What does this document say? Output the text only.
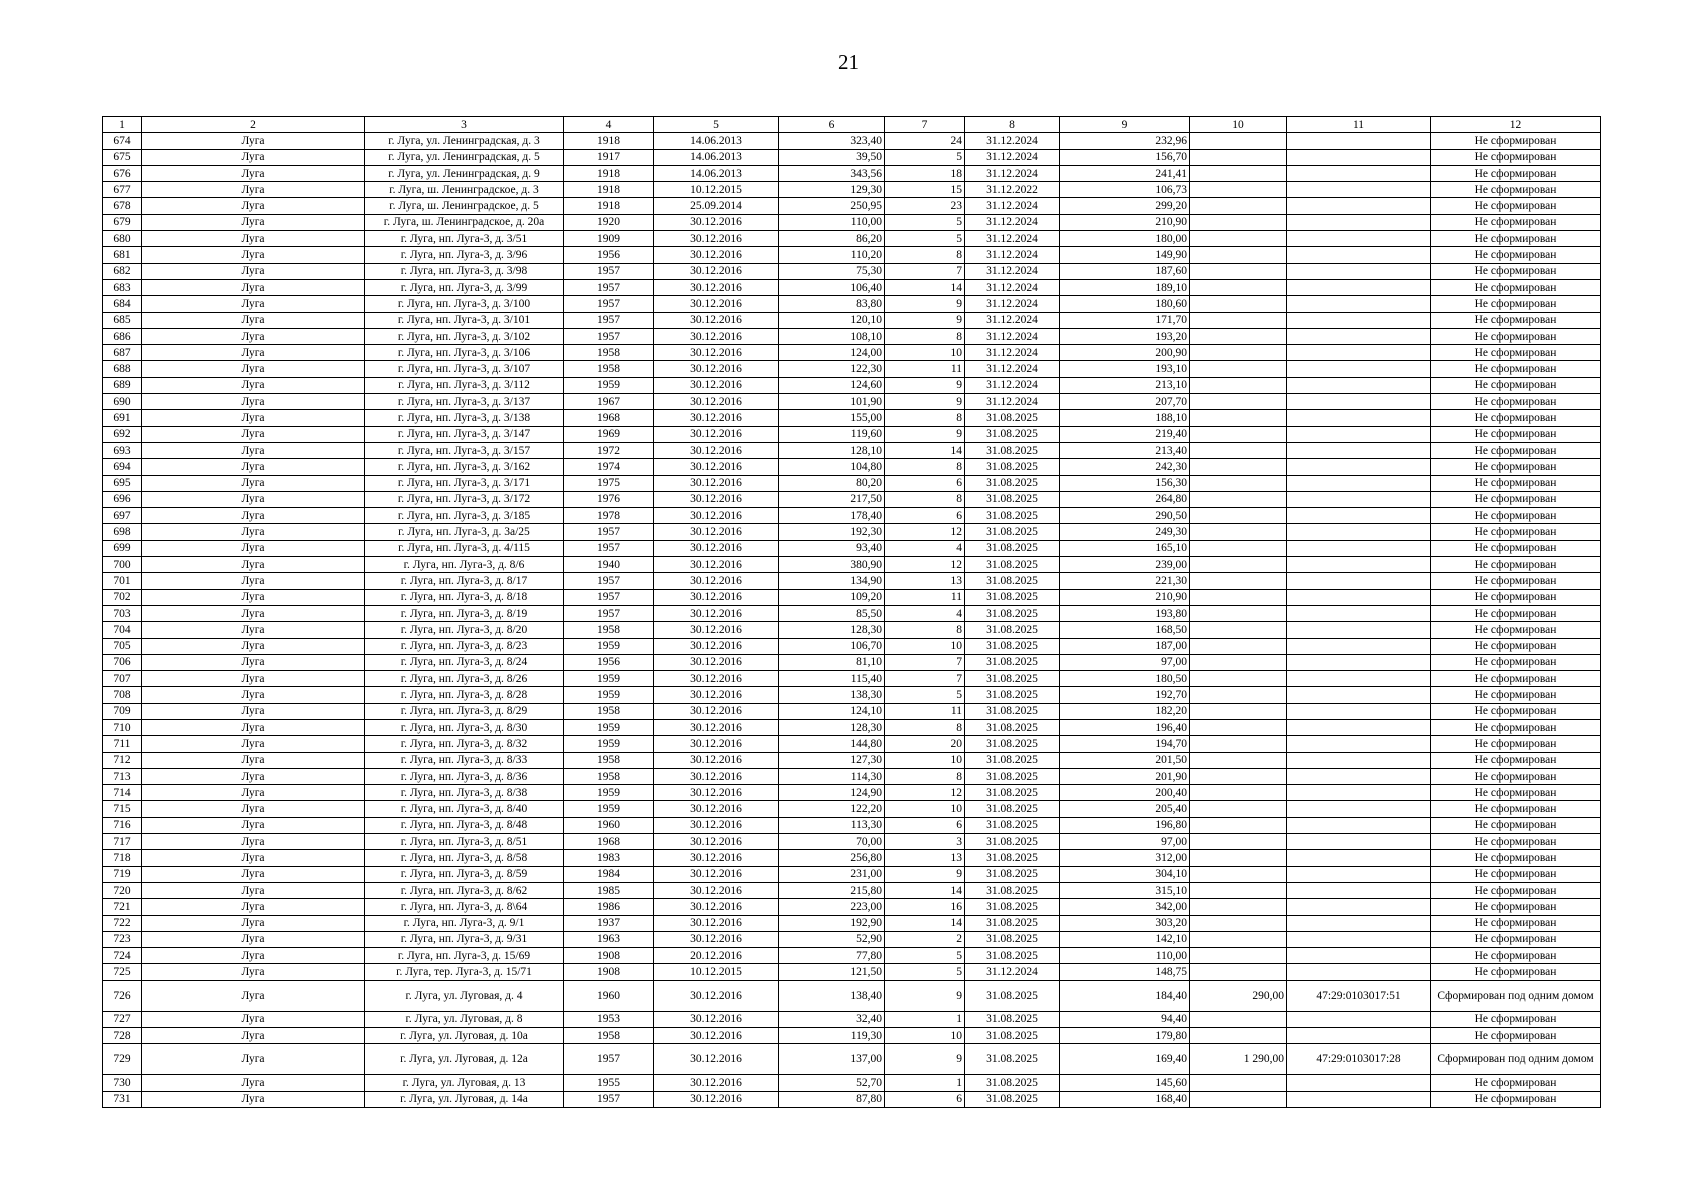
21
1	2	3	4	5	6	7	8	9	10	11	12
674	Луга	г. Луга, ул. Ленинградская, д. 3	1918	14.06.2013	323,40	24	31.12.2024	232,96			Не сформирован
675	Луга	г. Луга, ул. Ленинградская, д. 5	1917	14.06.2013	39,50	5	31.12.2024	156,70			Не сформирован
676	Луга	г. Луга, ул. Ленинградская, д. 9	1918	14.06.2013	343,56	18	31.12.2024	241,41			Не сформирован
677	Луга	г. Луга, ш. Ленинградское, д. 3	1918	10.12.2015	129,30	15	31.12.2022	106,73			Не сформирован
678	Луга	г. Луга, ш. Ленинградское, д. 5	1918	25.09.2014	250,95	23	31.12.2024	299,20			Не сформирован
679	Луга	г. Луга, ш. Ленинградское, д. 20а	1920	30.12.2016	110,00	5	31.12.2024	210,90			Не сформирован
680	Луга	г. Луга, нп. Луга-3, д. 3/51	1909	30.12.2016	86,20	5	31.12.2024	180,00			Не сформирован
681	Луга	г. Луга, нп. Луга-3, д. 3/96	1956	30.12.2016	110,20	8	31.12.2024	149,90			Не сформирован
682	Луга	г. Луга, нп. Луга-3, д. 3/98	1957	30.12.2016	75,30	7	31.12.2024	187,60			Не сформирован
683	Луга	г. Луга, нп. Луга-3, д. 3/99	1957	30.12.2016	106,40	14	31.12.2024	189,10			Не сформирован
684	Луга	г. Луга, нп. Луга-3, д. 3/100	1957	30.12.2016	83,80	9	31.12.2024	180,60			Не сформирован
685	Луга	г. Луга, нп. Луга-3, д. 3/101	1957	30.12.2016	120,10	9	31.12.2024	171,70			Не сформирован
686	Луга	г. Луга, нп. Луга-3, д. 3/102	1957	30.12.2016	108,10	8	31.12.2024	193,20			Не сформирован
687	Луга	г. Луга, нп. Луга-3, д. 3/106	1958	30.12.2016	124,00	10	31.12.2024	200,90			Не сформирован
688	Луга	г. Луга, нп. Луга-3, д. 3/107	1958	30.12.2016	122,30	11	31.12.2024	193,10			Не сформирован
689	Луга	г. Луга, нп. Луга-3, д. 3/112	1959	30.12.2016	124,60	9	31.12.2024	213,10			Не сформирован
690	Луга	г. Луга, нп. Луга-3, д. 3/137	1967	30.12.2016	101,90	9	31.12.2024	207,70			Не сформирован
691	Луга	г. Луга, нп. Луга-3, д. 3/138	1968	30.12.2016	155,00	8	31.08.2025	188,10			Не сформирован
692	Луга	г. Луга, нп. Луга-3, д. 3/147	1969	30.12.2016	119,60	9	31.08.2025	219,40			Не сформирован
693	Луга	г. Луга, нп. Луга-3, д. 3/157	1972	30.12.2016	128,10	14	31.08.2025	213,40			Не сформирован
694	Луга	г. Луга, нп. Луга-3, д. 3/162	1974	30.12.2016	104,80	8	31.08.2025	242,30			Не сформирован
695	Луга	г. Луга, нп. Луга-3, д. 3/171	1975	30.12.2016	80,20	6	31.08.2025	156,30			Не сформирован
696	Луга	г. Луга, нп. Луга-3, д. 3/172	1976	30.12.2016	217,50	8	31.08.2025	264,80			Не сформирован
697	Луга	г. Луга, нп. Луга-3, д. 3/185	1978	30.12.2016	178,40	6	31.08.2025	290,50			Не сформирован
698	Луга	г. Луга, нп. Луга-3, д. 3а/25	1957	30.12.2016	192,30	12	31.08.2025	249,30			Не сформирован
699	Луга	г. Луга, нп. Луга-3, д. 4/115	1957	30.12.2016	93,40	4	31.08.2025	165,10			Не сформирован
700	Луга	г. Луга, нп. Луга-3, д. 8/6	1940	30.12.2016	380,90	12	31.08.2025	239,00			Не сформирован
701	Луга	г. Луга, нп. Луга-3, д. 8/17	1957	30.12.2016	134,90	13	31.08.2025	221,30			Не сформирован
702	Луга	г. Луга, нп. Луга-3, д. 8/18	1957	30.12.2016	109,20	11	31.08.2025	210,90			Не сформирован
703	Луга	г. Луга, нп. Луга-3, д. 8/19	1957	30.12.2016	85,50	4	31.08.2025	193,80			Не сформирован
704	Луга	г. Луга, нп. Луга-3, д. 8/20	1958	30.12.2016	128,30	8	31.08.2025	168,50			Не сформирован
705	Луга	г. Луга, нп. Луга-3, д. 8/23	1959	30.12.2016	106,70	10	31.08.2025	187,00			Не сформирован
706	Луга	г. Луга, нп. Луга-3, д. 8/24	1956	30.12.2016	81,10	7	31.08.2025	97,00			Не сформирован
707	Луга	г. Луга, нп. Луга-3, д. 8/26	1959	30.12.2016	115,40	7	31.08.2025	180,50			Не сформирован
708	Луга	г. Луга, нп. Луга-3, д. 8/28	1959	30.12.2016	138,30	5	31.08.2025	192,70			Не сформирован
709	Луга	г. Луга, нп. Луга-3, д. 8/29	1958	30.12.2016	124,10	11	31.08.2025	182,20			Не сформирован
710	Луга	г. Луга, нп. Луга-3, д. 8/30	1959	30.12.2016	128,30	8	31.08.2025	196,40			Не сформирован
711	Луга	г. Луга, нп. Луга-3, д. 8/32	1959	30.12.2016	144,80	20	31.08.2025	194,70			Не сформирован
712	Луга	г. Луга, нп. Луга-3, д. 8/33	1958	30.12.2016	127,30	10	31.08.2025	201,50			Не сформирован
713	Луга	г. Луга, нп. Луга-3, д. 8/36	1958	30.12.2016	114,30	8	31.08.2025	201,90			Не сформирован
714	Луга	г. Луга, нп. Луга-3, д. 8/38	1959	30.12.2016	124,90	12	31.08.2025	200,40			Не сформирован
715	Луга	г. Луга, нп. Луга-3, д. 8/40	1959	30.12.2016	122,20	10	31.08.2025	205,40			Не сформирован
716	Луга	г. Луга, нп. Луга-3, д. 8/48	1960	30.12.2016	113,30	6	31.08.2025	196,80			Не сформирован
717	Луга	г. Луга, нп. Луга-3, д. 8/51	1968	30.12.2016	70,00	3	31.08.2025	97,00			Не сформирован
718	Луга	г. Луга, нп. Луга-3, д. 8/58	1983	30.12.2016	256,80	13	31.08.2025	312,00			Не сформирован
719	Луга	г. Луга, нп. Луга-3, д. 8/59	1984	30.12.2016	231,00	9	31.08.2025	304,10			Не сформирован
720	Луга	г. Луга, нп. Луга-3, д. 8/62	1985	30.12.2016	215,80	14	31.08.2025	315,10			Не сформирован
721	Луга	г. Луга, нп. Луга-3, д. 8\64	1986	30.12.2016	223,00	16	31.08.2025	342,00			Не сформирован
722	Луга	г. Луга, нп. Луга-3, д. 9/1	1937	30.12.2016	192,90	14	31.08.2025	303,20			Не сформирован
723	Луга	г. Луга, нп. Луга-3, д. 9/31	1963	30.12.2016	52,90	2	31.08.2025	142,10			Не сформирован
724	Луга	г. Луга, нп. Луга-3, д. 15/69	1908	20.12.2016	77,80	5	31.08.2025	110,00			Не сформирован
725	Луга	г. Луга, тер. Луга-3, д. 15/71	1908	10.12.2015	121,50	5	31.12.2024	148,75			Не сформирован
726	Луга	г. Луга, ул. Луговая, д. 4	1960	30.12.2016	138,40	9	31.08.2025	184,40	290,00	47:29:0103017:51	Сформирован под одним домом
727	Луга	г. Луга, ул. Луговая, д. 8	1953	30.12.2016	32,40	1	31.08.2025	94,40			Не сформирован
728	Луга	г. Луга, ул. Луговая, д. 10а	1958	30.12.2016	119,30	10	31.08.2025	179,80			Не сформирован
729	Луга	г. Луга, ул. Луговая, д. 12а	1957	30.12.2016	137,00	9	31.08.2025	169,40	1 290,00	47:29:0103017:28	Сформирован под одним домом
730	Луга	г. Луга, ул. Луговая, д. 13	1955	30.12.2016	52,70	1	31.08.2025	145,60			Не сформирован
731	Луга	г. Луга, ул. Луговая, д. 14а	1957	30.12.2016	87,80	6	31.08.2025	168,40			Не сформирован
